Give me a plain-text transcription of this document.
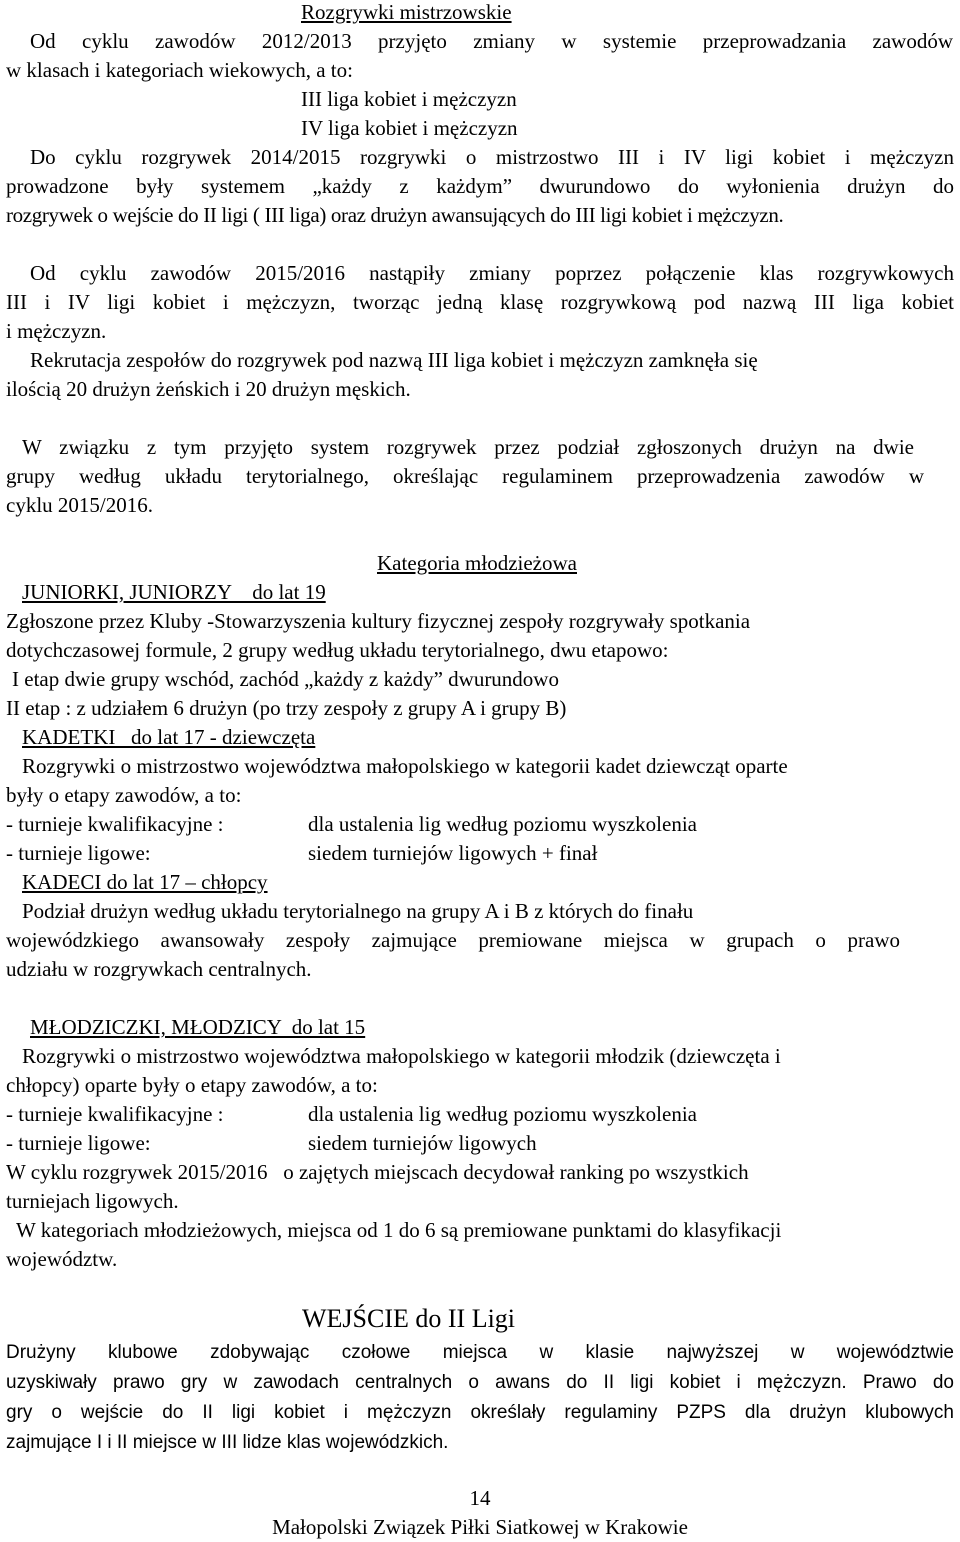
Rozgrywki mistrzowskie
Od cyklu zawodów 2012/2013 przyjęto zmiany w systemie przeprowadzania zawodów
w klasach i kategoriach wiekowych, a to:
III liga kobiet i mężczyzn
IV liga kobiet i mężczyzn
Do cyklu rozgrywek 2014/2015 rozgrywki o mistrzostwo III i IV ligi kobiet i mężczyzn
prowadzone były systemem „każdy z każdym” dwurundowo do wyłonienia drużyn do
rozgrywek o wejście do II ligi ( III liga) oraz drużyn awansujących do III ligi kobiet i mężczyzn.
Od cyklu zawodów 2015/2016 nastąpiły zmiany poprzez połączenie klas rozgrywkowych
III i IV ligi kobiet i mężczyzn, tworząc jedną klasę rozgrywkową pod nazwą III liga kobiet
i mężczyzn.
Rekrutacja zespołów do rozgrywek pod nazwą III liga kobiet i mężczyzn zamknęła się
ilością 20 drużyn żeńskich i 20 drużyn męskich.
W związku z tym przyjęto system rozgrywek przez podział zgłoszonych drużyn na dwie
grupy według układu terytorialnego, określając regulaminem przeprowadzenia zawodów w
cyklu 2015/2016.
Kategoria młodzieżowa
JUNIORKI, JUNIORZY    do lat 19
Zgłoszone przez Kluby -Stowarzyszenia kultury fizycznej zespoły rozgrywały spotkania
dotychczasowej formule, 2 grupy według układu terytorialnego, dwu etapowo:
I etap dwie grupy wschód, zachód „każdy z każdy” dwurundowo
II etap : z udziałem 6 drużyn (po trzy zespoły z grupy A i grupy B)
KADETKI   do lat 17 - dziewczęta
Rozgrywki o mistrzostwo województwa małopolskiego w kategorii kadet dziewcząt oparte
były o etapy zawodów, a to:
- turnieje kwalifikacyjne :	dla ustalenia lig według poziomu wyszkolenia
- turnieje ligowe:	siedem turniejów ligowych + finał
KADECI do lat 17 – chłopcy
Podział drużyn według układu terytorialnego na grupy A i B z których do finału
wojewódzkiego awansowały zespoły zajmujące premiowane miejsca w grupach o prawo
udziału w rozgrywkach centralnych.
MŁODZICZKI, MŁODZICY  do lat 15
Rozgrywki o mistrzostwo województwa małopolskiego w kategorii młodzik (dziewczęta i
chłopcy) oparte były o etapy zawodów, a to:
- turnieje kwalifikacyjne :	dla ustalenia lig według poziomu wyszkolenia
- turnieje ligowe:	siedem turniejów ligowych
W cyklu rozgrywek 2015/2016   o zajętych miejscach decydował ranking po wszystkich
turniejach ligowych.
W kategoriach młodzieżowych, miejsca od 1 do 6 są premiowane punktami do klasyfikacji
województw.
WEJŚCIE do II Ligi
Drużyny klubowe zdobywając czołowe miejsca w klasie najwyższej w województwie
uzyskiwały prawo gry w zawodach centralnych o awans do II ligi kobiet i mężczyzn. Prawo do
gry o wejście do II ligi kobiet i mężczyzn określały regulaminy PZPS dla drużyn klubowych
zajmujące I i II miejsce w III lidze klas wojewódzkich.
14
Małopolski Związek Piłki Siatkowej w Krakowie
